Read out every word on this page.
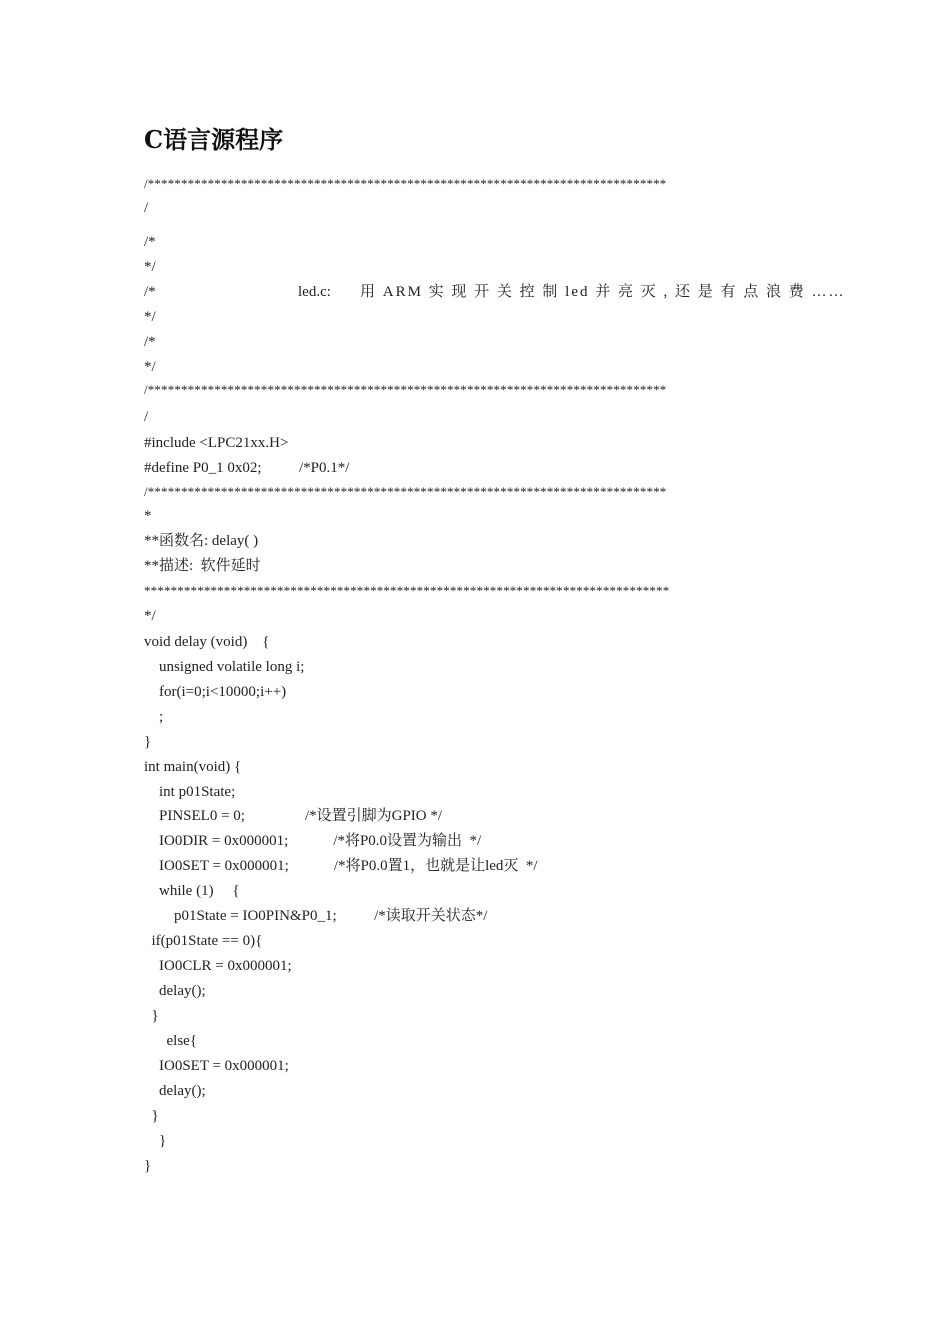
C语言源程序
/******************************************************************************
/
/*
*/
/*
*/
/*
*/
/******************************************************************************
/
#include <LPC21xx.H>
#define P0_1 0x02;          /*P0.1*/
/******************************************************************************
*
**函数名: delay( )
**描述:  软件延时
*******************************************************************************
*/
void delay (void)    {
unsigned volatile long i;
for(i=0;i<10000;i++)
;
}
int main(void) {
int p01State;
PINSEL0 = 0;                /*设置引脚为GPIO */
IO0DIR = 0x000001;            /*将P0.0设置为输出  */
IO0SET = 0x000001;            /*将P0.0置1，也就是让led灭  */
while (1)     {
p01State = IO0PIN&P0_1;          /*读取开关状态*/
if(p01State == 0){
IO0CLR = 0x000001;
delay();
}
else{
IO0SET = 0x000001;
delay();
}
}
}
led.c: 用 ARM 实 现 开 关 控 制 led 并 亮 灭 , 还 是 有 点 浪 费 ……
